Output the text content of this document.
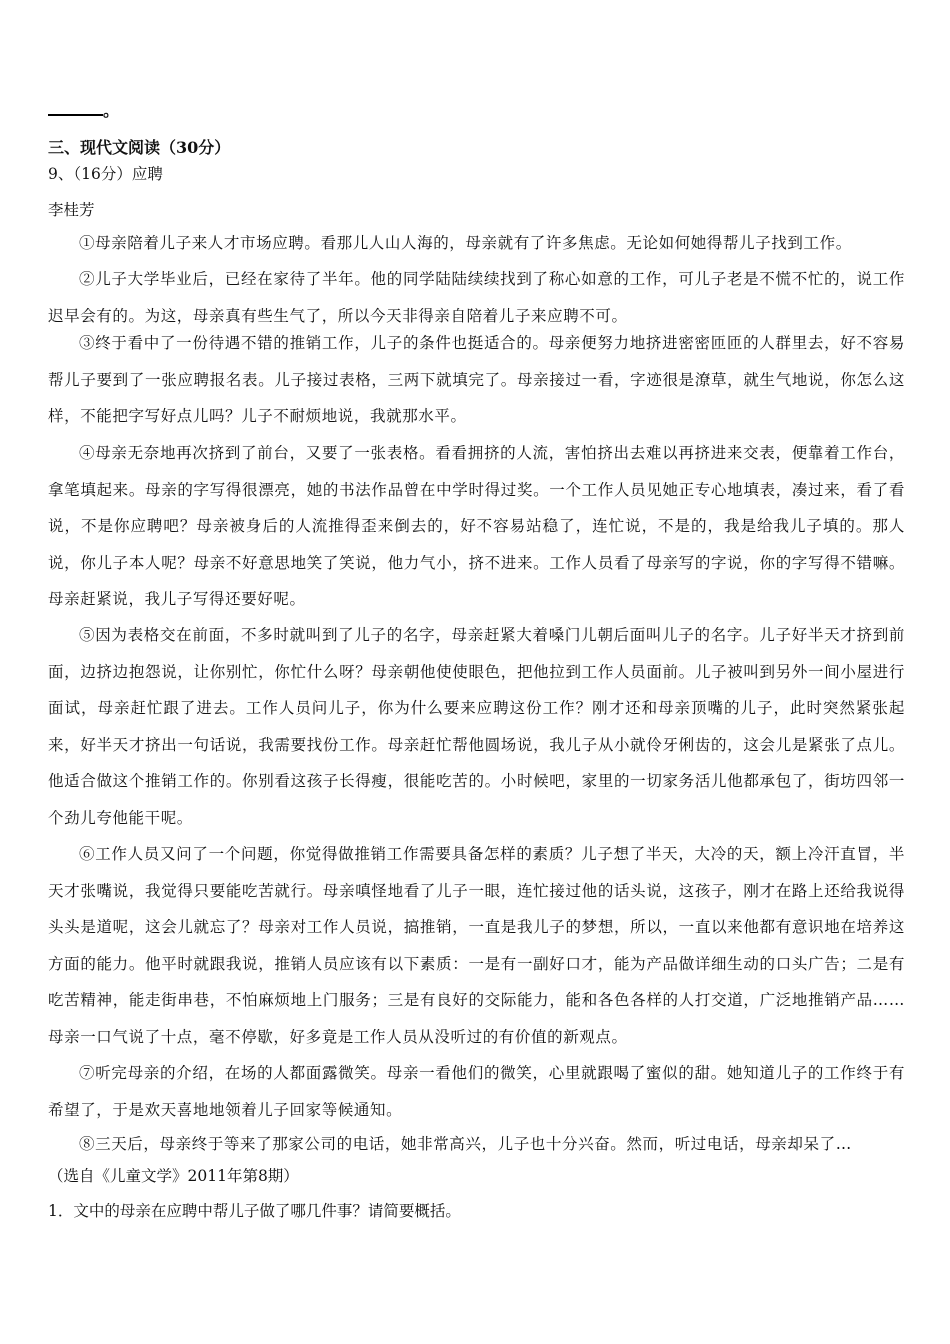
。
三、现代文阅读（30分）
9、（16分）应聘
李桂芳
①母亲陪着儿子来人才市场应聘。看那儿人山人海的，母亲就有了许多焦虑。无论如何她得帮儿子找到工作。
②儿子大学毕业后，已经在家待了半年。他的同学陆陆续续找到了称心如意的工作，可儿子老是不慌不忙的，说工作迟早会有的。为这，母亲真有些生气了，所以今天非得亲自陪着儿子来应聘不可。
③终于看中了一份待遇不错的推销工作，儿子的条件也挺适合的。母亲便努力地挤进密密匝匝的人群里去，好不容易帮儿子要到了一张应聘报名表。儿子接过表格，三两下就填完了。母亲接过一看，字迹很是潦草，就生气地说，你怎么这样，不能把字写好点儿吗？儿子不耐烦地说，我就那水平。
④母亲无奈地再次挤到了前台，又要了一张表格。看看拥挤的人流，害怕挤出去难以再挤进来交表，便靠着工作台，拿笔填起来。母亲的字写得很漂亮，她的书法作品曾在中学时得过奖。一个工作人员见她正专心地填表，凑过来，看了看说，不是你应聘吧？母亲被身后的人流推得歪来倒去的，好不容易站稳了，连忙说，不是的，我是给我儿子填的。那人说，你儿子本人呢？母亲不好意思地笑了笑说，他力气小，挤不进来。工作人员看了母亲写的字说，你的字写得不错嘛。母亲赶紧说，我儿子写得还要好呢。
⑤因为表格交在前面，不多时就叫到了儿子的名字，母亲赶紧大着嗓门儿朝后面叫儿子的名字。儿子好半天才挤到前面，边挤边抱怨说，让你别忙，你忙什么呀？母亲朝他使使眼色，把他拉到工作人员面前。儿子被叫到另外一间小屋进行面试，母亲赶忙跟了进去。工作人员问儿子，你为什么要来应聘这份工作？刚才还和母亲顶嘴的儿子，此时突然紧张起来，好半天才挤出一句话说，我需要找份工作。母亲赶忙帮他圆场说，我儿子从小就伶牙俐齿的，这会儿是紧张了点儿。他适合做这个推销工作的。你别看这孩子长得瘦，很能吃苦的。小时候吧，家里的一切家务活儿他都承包了，街坊四邻一个劲儿夸他能干呢。
⑥工作人员又问了一个问题，你觉得做推销工作需要具备怎样的素质？儿子想了半天，大冷的天，额上冷汗直冒，半天才张嘴说，我觉得只要能吃苦就行。母亲嗔怪地看了儿子一眼，连忙接过他的话头说，这孩子，刚才在路上还给我说得头头是道呢，这会儿就忘了？母亲对工作人员说，搞推销，一直是我儿子的梦想，所以，一直以来他都有意识地在培养这方面的能力。他平时就跟我说，推销人员应该有以下素质：一是有一副好口才，能为产品做详细生动的口头广告；二是有吃苦精神，能走街串巷，不怕麻烦地上门服务；三是有良好的交际能力，能和各色各样的人打交道，广泛地推销产品……母亲一口气说了十点，毫不停歇，好多竟是工作人员从没听过的有价值的新观点。
⑦听完母亲的介绍，在场的人都面露微笑。母亲一看他们的微笑，心里就跟喝了蜜似的甜。她知道儿子的工作终于有希望了，于是欢天喜地地领着儿子回家等候通知。
⑧三天后，母亲终于等来了那家公司的电话，她非常高兴，儿子也十分兴奋。然而，听过电话，母亲却呆了…
（选自《儿童文学》2011年第8期）
1．文中的母亲在应聘中帮儿子做了哪几件事？请简要概括。
